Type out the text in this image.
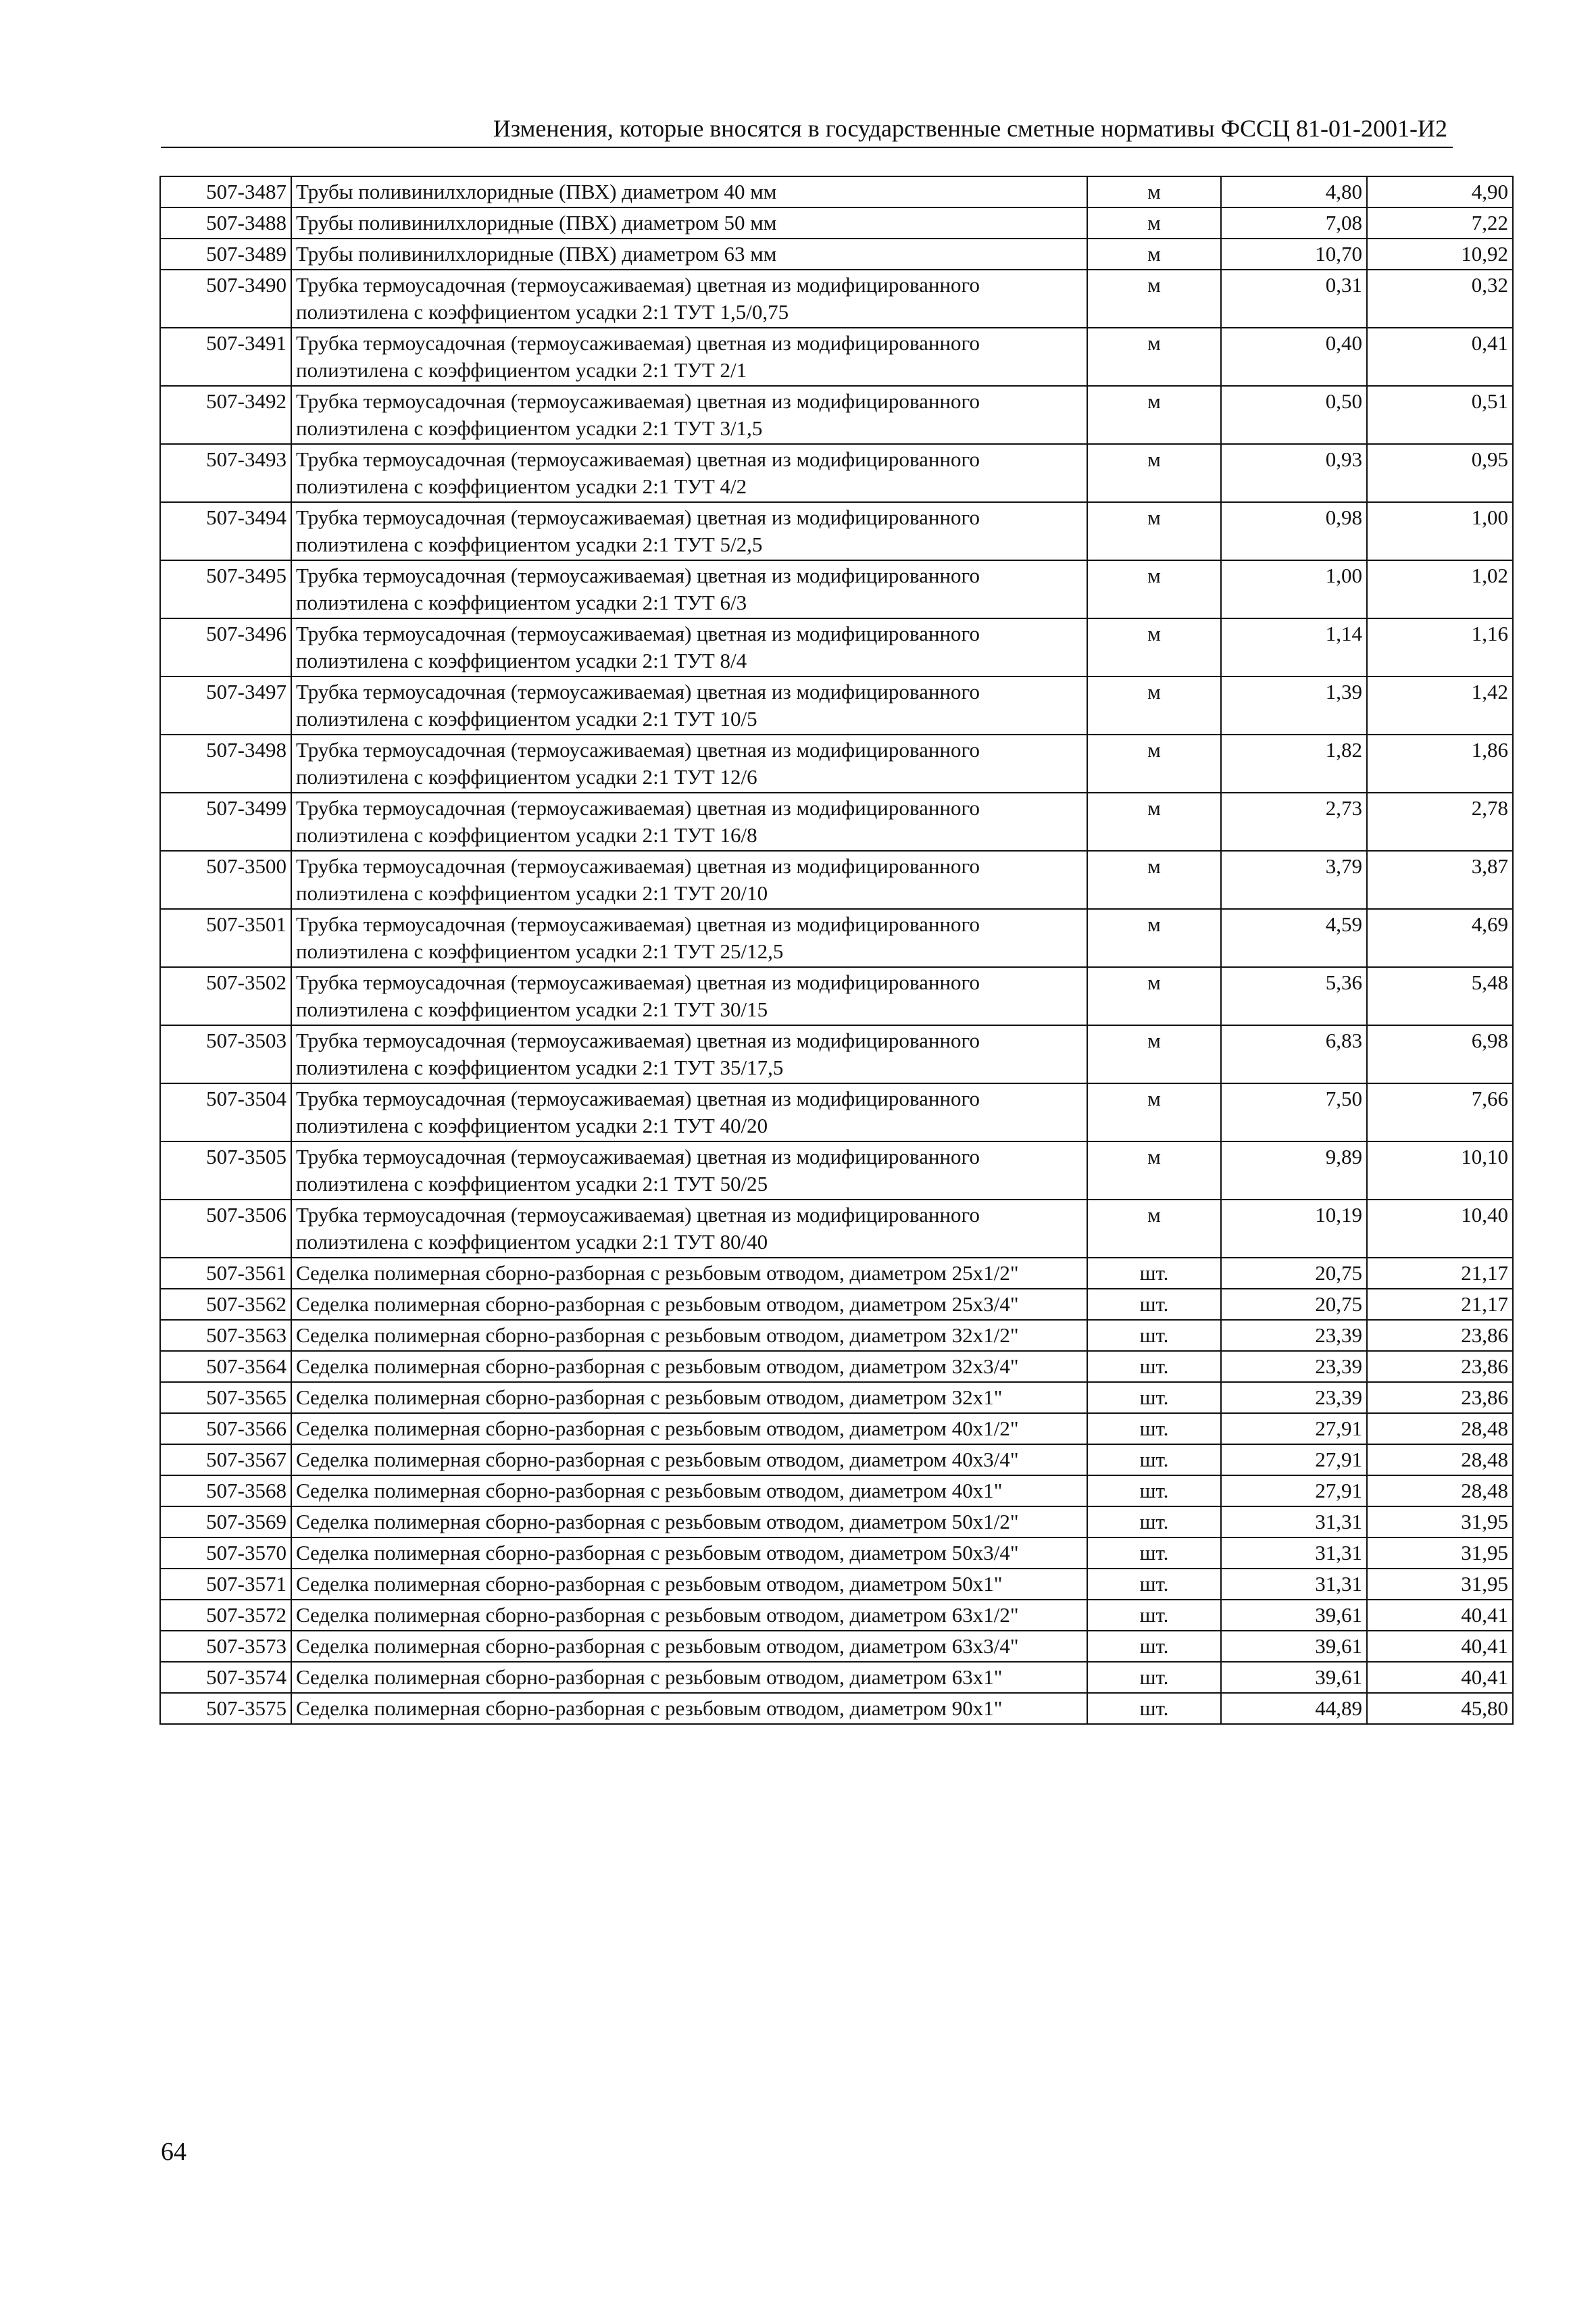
Изменения, которые вносятся в государственные сметные нормативы ФССЦ 81-01-2001-И2
507-3487	Трубы поливинилхлоридные (ПВХ) диаметром 40 мм	м	4,80	4,90
507-3488	Трубы поливинилхлоридные (ПВХ) диаметром 50 мм	м	7,08	7,22
507-3489	Трубы поливинилхлоридные (ПВХ) диаметром 63 мм	м	10,70	10,92
507-3490	Трубка термоусадочная (термоусаживаемая) цветная из модифицированного полиэтилена с коэффициентом усадки 2:1 ТУТ 1,5/0,75	м	0,31	0,32
507-3491	Трубка термоусадочная (термоусаживаемая) цветная из модифицированного полиэтилена с коэффициентом усадки 2:1 ТУТ 2/1	м	0,40	0,41
507-3492	Трубка термоусадочная (термоусаживаемая) цветная из модифицированного полиэтилена с коэффициентом усадки 2:1 ТУТ 3/1,5	м	0,50	0,51
507-3493	Трубка термоусадочная (термоусаживаемая) цветная из модифицированного полиэтилена с коэффициентом усадки 2:1 ТУТ 4/2	м	0,93	0,95
507-3494	Трубка термоусадочная (термоусаживаемая) цветная из модифицированного полиэтилена с коэффициентом усадки 2:1 ТУТ 5/2,5	м	0,98	1,00
507-3495	Трубка термоусадочная (термоусаживаемая) цветная из модифицированного полиэтилена с коэффициентом усадки 2:1 ТУТ 6/3	м	1,00	1,02
507-3496	Трубка термоусадочная (термоусаживаемая) цветная из модифицированного полиэтилена с коэффициентом усадки 2:1 ТУТ 8/4	м	1,14	1,16
507-3497	Трубка термоусадочная (термоусаживаемая) цветная из модифицированного полиэтилена с коэффициентом усадки 2:1 ТУТ 10/5	м	1,39	1,42
507-3498	Трубка термоусадочная (термоусаживаемая) цветная из модифицированного полиэтилена с коэффициентом усадки 2:1 ТУТ 12/6	м	1,82	1,86
507-3499	Трубка термоусадочная (термоусаживаемая) цветная из модифицированного полиэтилена с коэффициентом усадки 2:1 ТУТ 16/8	м	2,73	2,78
507-3500	Трубка термоусадочная (термоусаживаемая) цветная из модифицированного полиэтилена с коэффициентом усадки 2:1 ТУТ 20/10	м	3,79	3,87
507-3501	Трубка термоусадочная (термоусаживаемая) цветная из модифицированного полиэтилена с коэффициентом усадки 2:1 ТУТ 25/12,5	м	4,59	4,69
507-3502	Трубка термоусадочная (термоусаживаемая) цветная из модифицированного полиэтилена с коэффициентом усадки 2:1 ТУТ 30/15	м	5,36	5,48
507-3503	Трубка термоусадочная (термоусаживаемая) цветная из модифицированного полиэтилена с коэффициентом усадки 2:1 ТУТ 35/17,5	м	6,83	6,98
507-3504	Трубка термоусадочная (термоусаживаемая) цветная из модифицированного полиэтилена с коэффициентом усадки 2:1 ТУТ 40/20	м	7,50	7,66
507-3505	Трубка термоусадочная (термоусаживаемая) цветная из модифицированного полиэтилена с коэффициентом усадки 2:1 ТУТ 50/25	м	9,89	10,10
507-3506	Трубка термоусадочная (термоусаживаемая) цветная из модифицированного полиэтилена с коэффициентом усадки 2:1 ТУТ 80/40	м	10,19	10,40
507-3561	Седелка полимерная сборно-разборная с резьбовым отводом, диаметром 25x1/2"	шт.	20,75	21,17
507-3562	Седелка полимерная сборно-разборная с резьбовым отводом, диаметром 25x3/4"	шт.	20,75	21,17
507-3563	Седелка полимерная сборно-разборная с резьбовым отводом, диаметром 32x1/2"	шт.	23,39	23,86
507-3564	Седелка полимерная сборно-разборная с резьбовым отводом, диаметром 32x3/4"	шт.	23,39	23,86
507-3565	Седелка полимерная сборно-разборная с резьбовым отводом, диаметром 32x1"	шт.	23,39	23,86
507-3566	Седелка полимерная сборно-разборная с резьбовым отводом, диаметром 40x1/2"	шт.	27,91	28,48
507-3567	Седелка полимерная сборно-разборная с резьбовым отводом, диаметром 40x3/4"	шт.	27,91	28,48
507-3568	Седелка полимерная сборно-разборная с резьбовым отводом, диаметром 40x1"	шт.	27,91	28,48
507-3569	Седелка полимерная сборно-разборная с резьбовым отводом, диаметром 50x1/2"	шт.	31,31	31,95
507-3570	Седелка полимерная сборно-разборная с резьбовым отводом, диаметром 50x3/4"	шт.	31,31	31,95
507-3571	Седелка полимерная сборно-разборная с резьбовым отводом, диаметром 50x1"	шт.	31,31	31,95
507-3572	Седелка полимерная сборно-разборная с резьбовым отводом, диаметром 63x1/2"	шт.	39,61	40,41
507-3573	Седелка полимерная сборно-разборная с резьбовым отводом, диаметром 63x3/4"	шт.	39,61	40,41
507-3574	Седелка полимерная сборно-разборная с резьбовым отводом, диаметром 63x1"	шт.	39,61	40,41
507-3575	Седелка полимерная сборно-разборная с резьбовым отводом, диаметром 90x1"	шт.	44,89	45,80
64
